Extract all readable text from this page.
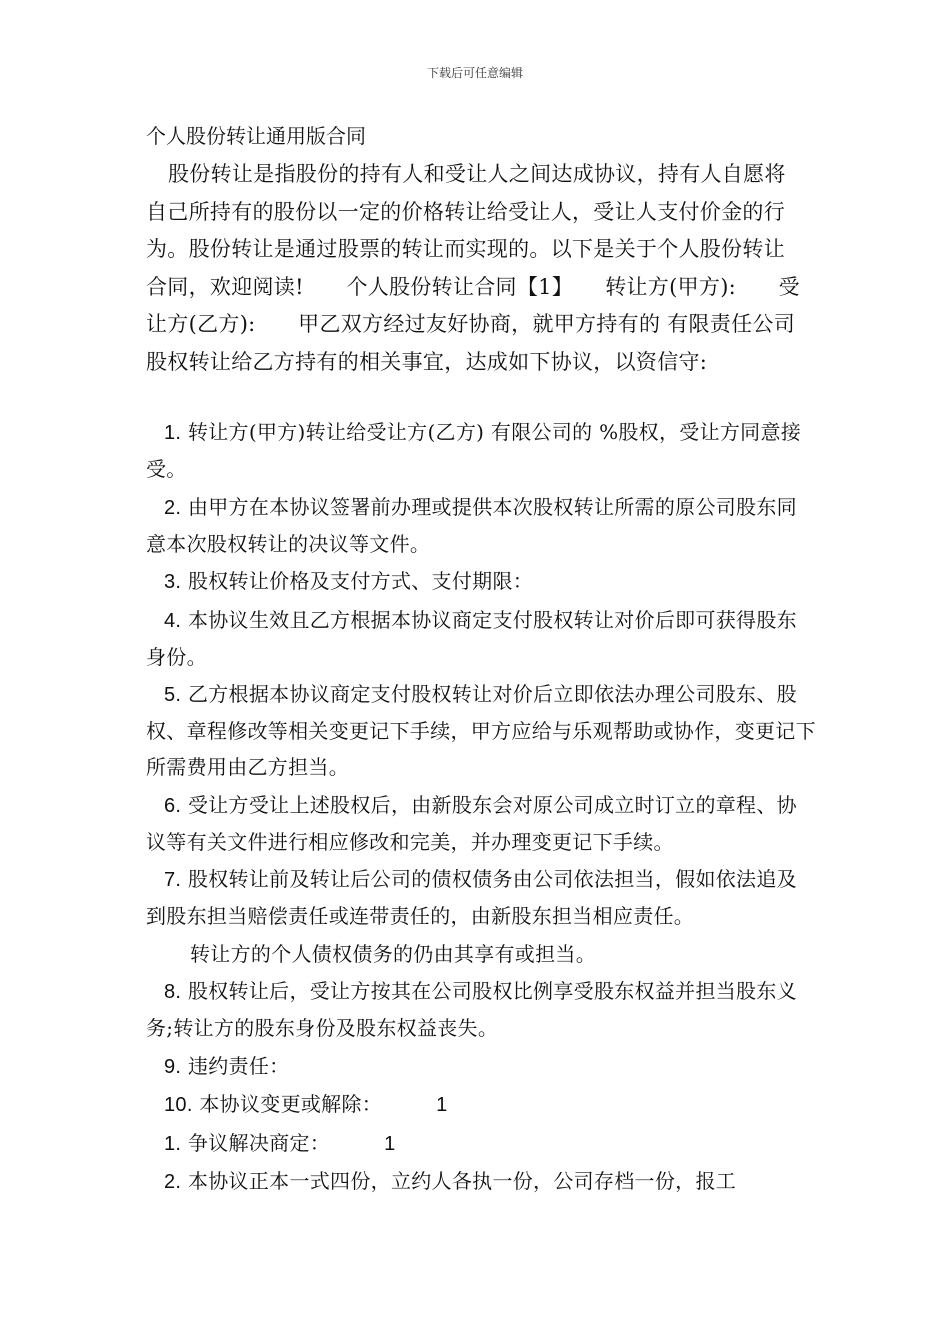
下载后可任意编辑
个人股份转让通用版合同
股份转让是指股份的持有人和受让人之间达成协议，持有人自愿将自己所持有的股份以一定的价格转让给受让人，受让人支付价金的行为。股份转让是通过股票的转让而实现的。以下是关于个人股份转让合同，欢迎阅读!　　个人股份转让合同【1】　　转让方(甲方):　　受让方(乙方):　　甲乙双方经过友好协商，就甲方持有的 有限责任公司股权转让给乙方持有的相关事宜，达成如下协议，以资信守:
1. 转让方(甲方)转让给受让方(乙方) 有限公司的 %股权，受让方同意接受。
2. 由甲方在本协议签署前办理或提供本次股权转让所需的原公司股东同意本次股权转让的决议等文件。
3. 股权转让价格及支付方式、支付期限：
4. 本协议生效且乙方根据本协议商定支付股权转让对价后即可获得股东身份。
5. 乙方根据本协议商定支付股权转让对价后立即依法办理公司股东、股权、章程修改等相关变更记下手续，甲方应给与乐观帮助或协作，变更记下所需费用由乙方担当。
6. 受让方受让上述股权后，由新股东会对原公司成立时订立的章程、协议等有关文件进行相应修改和完美，并办理变更记下手续。
7. 股权转让前及转让后公司的债权债务由公司依法担当，假如依法追及到股东担当赔偿责任或连带责任的，由新股东担当相应责任。
转让方的个人债权债务的仍由其享有或担当。
8. 股权转让后，受让方按其在公司股权比例享受股东权益并担当股东义务;转让方的股东身份及股东权益丧失。
9. 违约责任：
10. 本协议变更或解除：	1
1. 争议解决商定：	1
2. 本协议正本一式四份，立约人各执一份，公司存档一份，报工
